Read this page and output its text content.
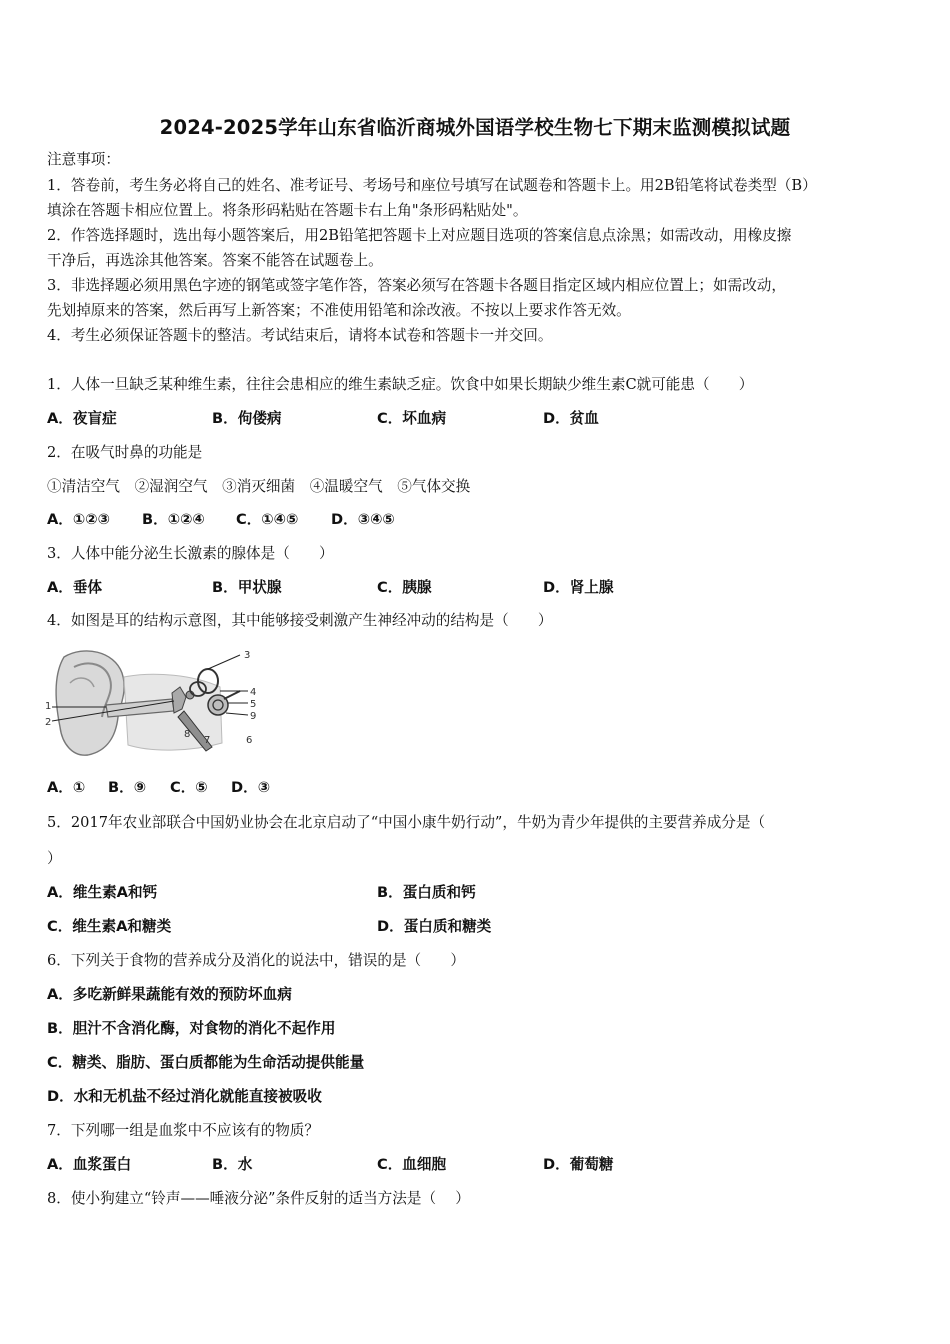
2024-2025学年山东省临沂商城外国语学校生物七下期末监测模拟试题
注意事项：
1．答卷前，考生务必将自己的姓名、准考证号、考场号和座位号填写在试题卷和答题卡上。用2B铅笔将试卷类型（B）
填涂在答题卡相应位置上。将条形码粘贴在答题卡右上角"条形码粘贴处"。
2．作答选择题时，选出每小题答案后，用2B铅笔把答题卡上对应题目选项的答案信息点涂黑；如需改动，用橡皮擦
干净后，再选涂其他答案。答案不能答在试题卷上。
3．非选择题必须用黑色字迹的钢笔或签字笔作答，答案必须写在答题卡各题目指定区域内相应位置上；如需改动，
先划掉原来的答案，然后再写上新答案；不准使用铅笔和涂改液。不按以上要求作答无效。
4．考生必须保证答题卡的整洁。考试结束后，请将本试卷和答题卡一并交回。
1．人体一旦缺乏某种维生素，往往会患相应的维生素缺乏症。饮食中如果长期缺少维生素C就可能患（　　）
A．夜盲症	B．佝偻病	C．坏血病	D．贫血
2．在吸气时鼻的功能是
①清洁空气　②湿润空气　③消灭细菌　④温暖空气　⑤气体交换
A．①②③ B．①②④ C．①④⑤ D．③④⑤
3．人体中能分泌生长激素的腺体是（　　）
A．垂体	B．甲状腺	C．胰腺	D．肾上腺
4．如图是耳的结构示意图，其中能够接受刺激产生神经冲动的结构是（　　）
3
1
2
4
5
9
8
7	6
A．① B．⑨ C．⑤ D．③
5．2017年农业部联合中国奶业协会在北京启动了“中国小康牛奶行动”，牛奶为青少年提供的主要营养成分是（
）
A．维生素A和钙	B．蛋白质和钙
C．维生素A和糖类	D．蛋白质和糖类
6．下列关于食物的营养成分及消化的说法中，错误的是（　　）
A．多吃新鲜果蔬能有效的预防坏血病
B．胆汁不含消化酶，对食物的消化不起作用
C．糖类、脂肪、蛋白质都能为生命活动提供能量
D．水和无机盐不经过消化就能直接被吸收
7．下列哪一组是血浆中不应该有的物质？
A．血浆蛋白	B．水	C．血细胞	D．葡萄糖
8．使小狗建立“铃声——唾液分泌”条件反射的适当方法是（　 ）
